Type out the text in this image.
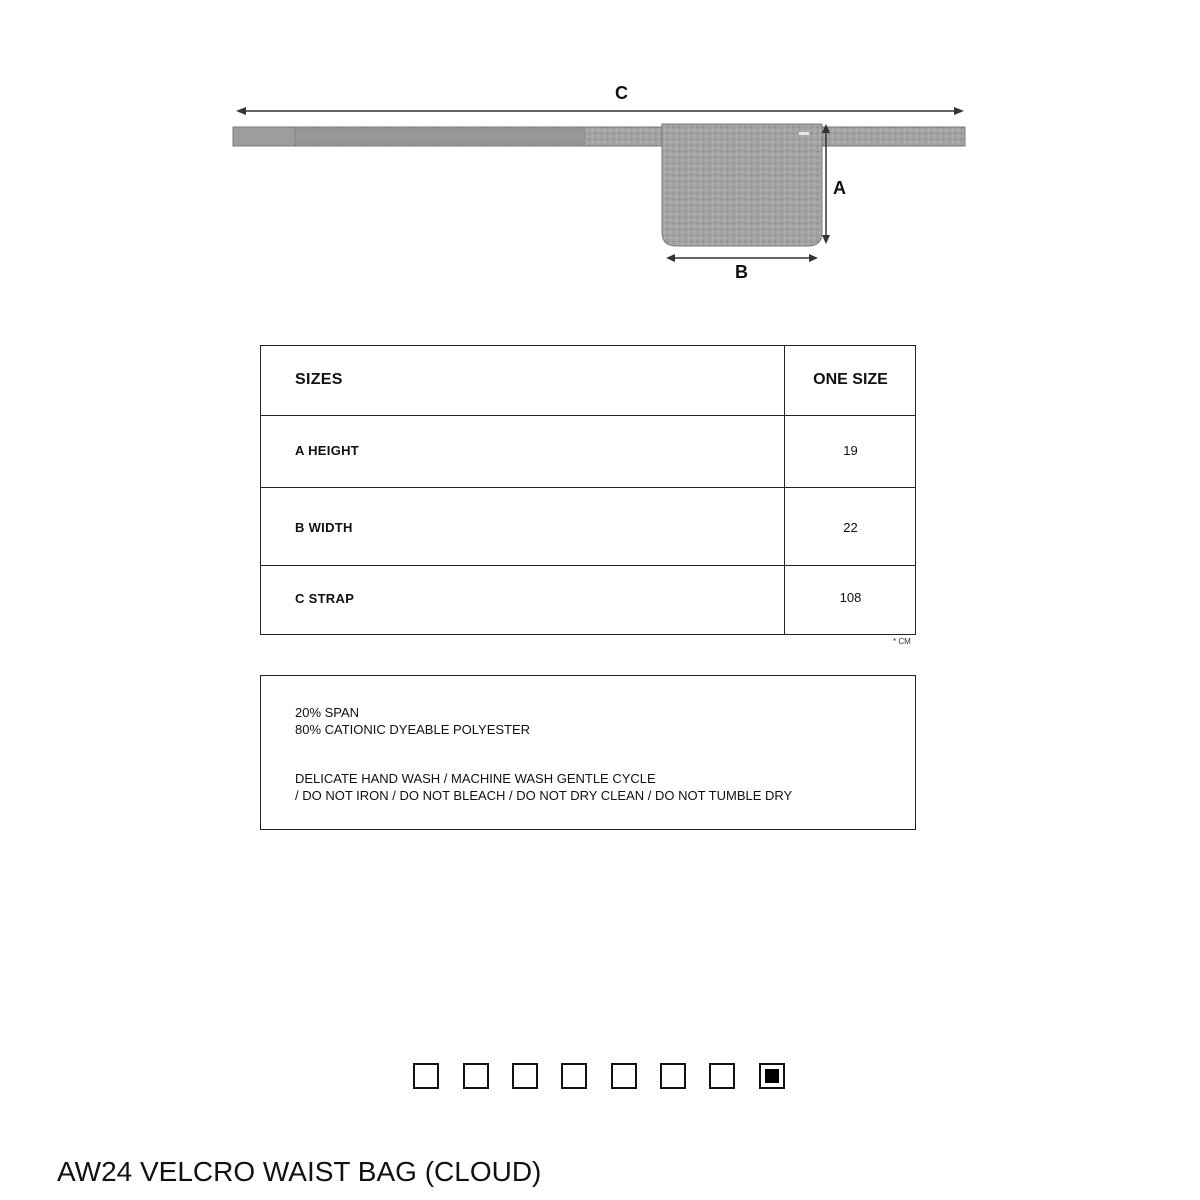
C
A
B
SIZES	ONE SIZE
A HEIGHT	19
B WIDTH	22
C STRAP	108
* CM
20% SPAN
80% CATIONIC DYEABLE POLYESTER
DELICATE HAND WASH / MACHINE WASH GENTLE CYCLE
/ DO NOT IRON / DO NOT BLEACH / DO NOT DRY CLEAN / DO NOT TUMBLE DRY
AW24 VELCRO WAIST BAG (CLOUD)
